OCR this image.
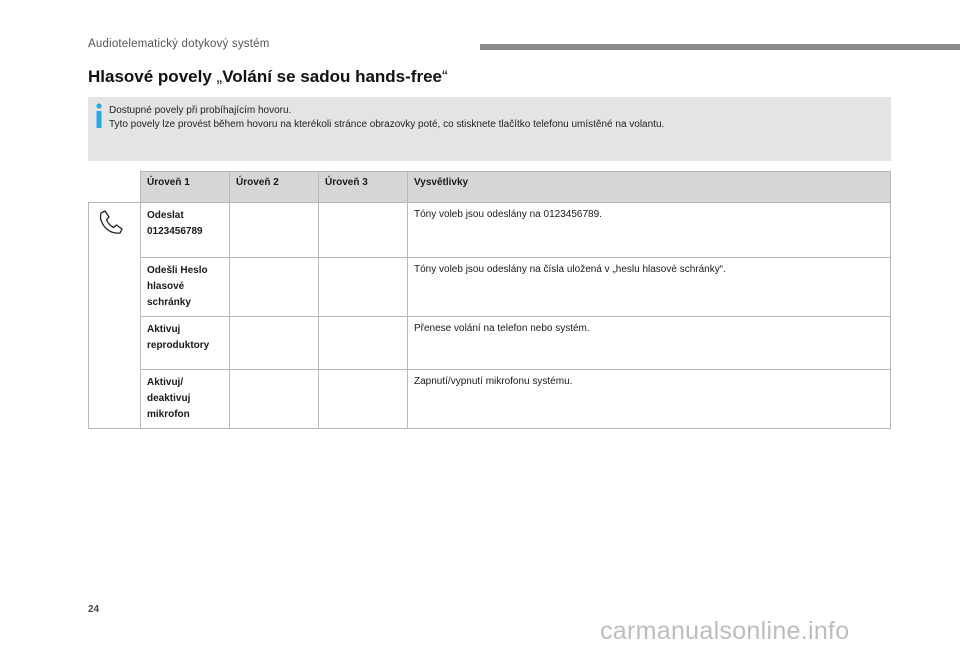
Audiotelematický dotykový systém
Hlasové povely „Volání se sadou hands-free“
Dostupné povely při probíhajícím hovoru.
Tyto povely lze provést během hovoru na kterékoli stránce obrazovky poté, co stisknete tlačítko telefonu umístěné na volantu.
	Úroveň 1	Úroveň 2	Úroveň 3	Vysvětlivky

Odeslat
0123456789			Tóny voleb jsou odeslány na 0123456789.

	Odešli Heslo
hlasové
schránky			Tóny voleb jsou odeslány na čísla uložená v „heslu hlasové schránky“.

	Aktivuj
reproduktory			Přenese volání na telefon nebo systém.

	Aktivuj/
deaktivuj
mikrofon			Zapnutí/vypnutí mikrofonu systému.
24
carmanualsonline.info
